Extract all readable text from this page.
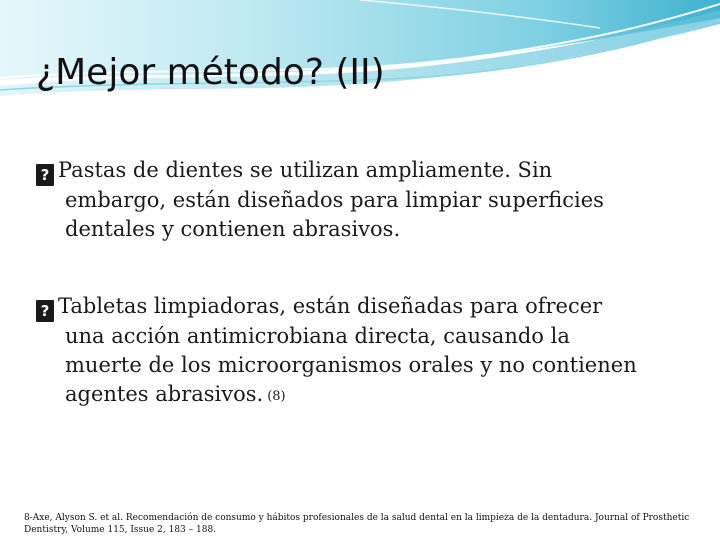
¿Mejor método? (II)
? Pastas de dientes se utilizan ampliamente. Sin
embargo, están diseñados para limpiar superficies
dentales y contienen abrasivos.
? Tabletas limpiadoras, están diseñadas para ofrecer
una acción antimicrobiana directa, causando la
muerte de los microorganismos orales y no contienen
agentes abrasivos. (8)
8-Axe, Alyson S. et al. Recomendación de consumo y hábitos profesionales de la salud dental en la limpieza de la dentadura. Journal of Prosthetic
Dentistry, Volume 115, Issue 2, 183 – 188.
